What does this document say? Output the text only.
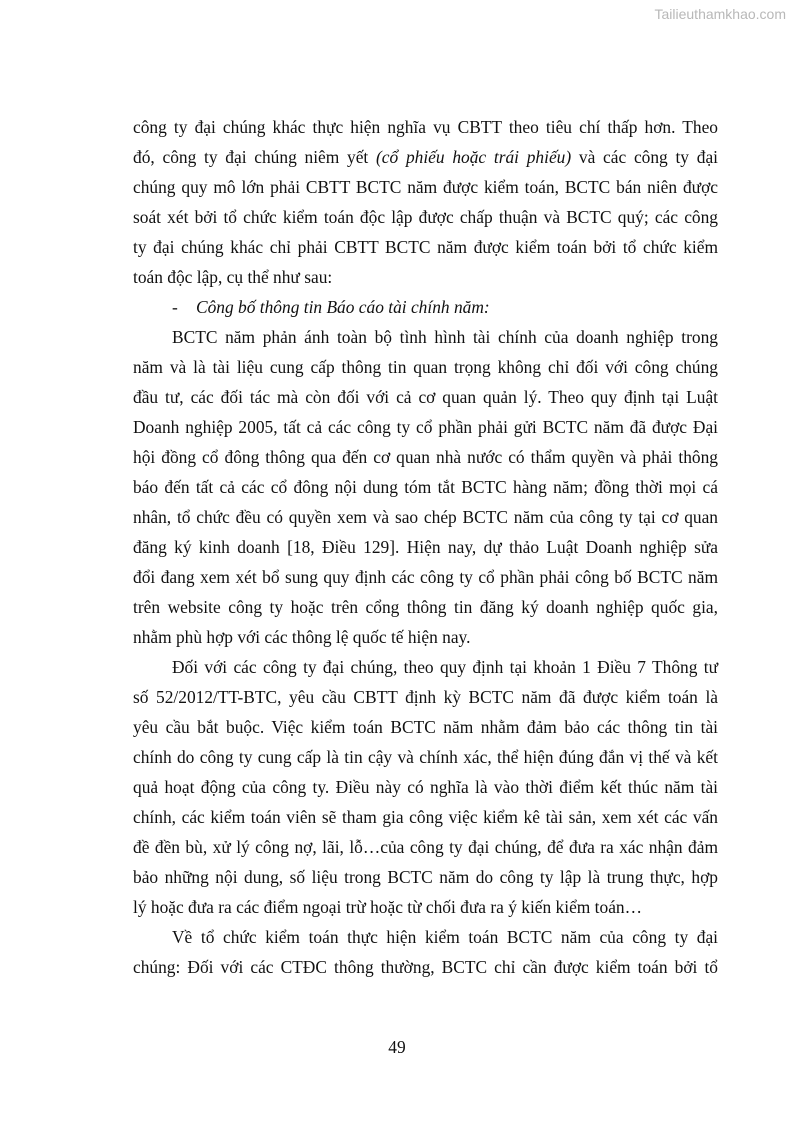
Tailieuthamkhao.com
công ty đại chúng khác thực hiện nghĩa vụ CBTT theo tiêu chí thấp hơn. Theo
đó, công ty đại chúng niêm yết (cổ phiếu hoặc trái phiếu) và các công ty đại
chúng quy mô lớn phải CBTT BCTC năm được kiểm toán, BCTC bán niên được
soát xét bởi tổ chức kiểm toán độc lập được chấp thuận và BCTC quý; các công
ty đại chúng khác chỉ phải CBTT BCTC năm được kiểm toán bởi tổ chức kiểm
toán độc lập, cụ thể như sau:
- Công bố thông tin Báo cáo tài chính năm:
BCTC năm phản ánh toàn bộ tình hình tài chính của doanh nghiệp trong
năm và là tài liệu cung cấp thông tin quan trọng không chỉ đối với công chúng
đầu tư, các đối tác mà còn đối với cả cơ quan quản lý. Theo quy định tại Luật
Doanh nghiệp 2005, tất cả các công ty cổ phần phải gửi BCTC năm đã được Đại
hội đồng cổ đông thông qua đến cơ quan nhà nước có thẩm quyền và phải thông
báo đến tất cả các cổ đông nội dung tóm tắt BCTC hàng năm; đồng thời mọi cá
nhân, tổ chức đều có quyền xem và sao chép BCTC năm của công ty tại cơ quan
đăng ký kinh doanh [18, Điều 129]. Hiện nay, dự thảo Luật Doanh nghiệp sửa
đổi đang xem xét bổ sung quy định các công ty cổ phần phải công bố BCTC năm
trên website công ty hoặc trên cổng thông tin đăng ký doanh nghiệp quốc gia,
nhằm phù hợp với các thông lệ quốc tế hiện nay.
Đối với các công ty đại chúng, theo quy định tại khoản 1 Điều 7 Thông tư
số 52/2012/TT-BTC, yêu cầu CBTT định kỳ BCTC năm đã được kiểm toán là
yêu cầu bắt buộc. Việc kiểm toán BCTC năm nhằm đảm bảo các thông tin tài
chính do công ty cung cấp là tin cậy và chính xác, thể hiện đúng đắn vị thế và kết
quả hoạt động của công ty. Điều này có nghĩa là vào thời điểm kết thúc năm tài
chính, các kiểm toán viên sẽ tham gia công việc kiểm kê tài sản, xem xét các vấn
đề đền bù, xử lý công nợ, lãi, lỗ…của công ty đại chúng, để đưa ra xác nhận đảm
bảo những nội dung, số liệu trong BCTC năm do công ty lập là trung thực, hợp
lý hoặc đưa ra các điểm ngoại trừ hoặc từ chối đưa ra ý kiến kiểm toán…
Về tổ chức kiểm toán thực hiện kiểm toán BCTC năm của công ty đại
chúng: Đối với các CTĐC thông thường, BCTC chỉ cần được kiểm toán bởi tổ
49
